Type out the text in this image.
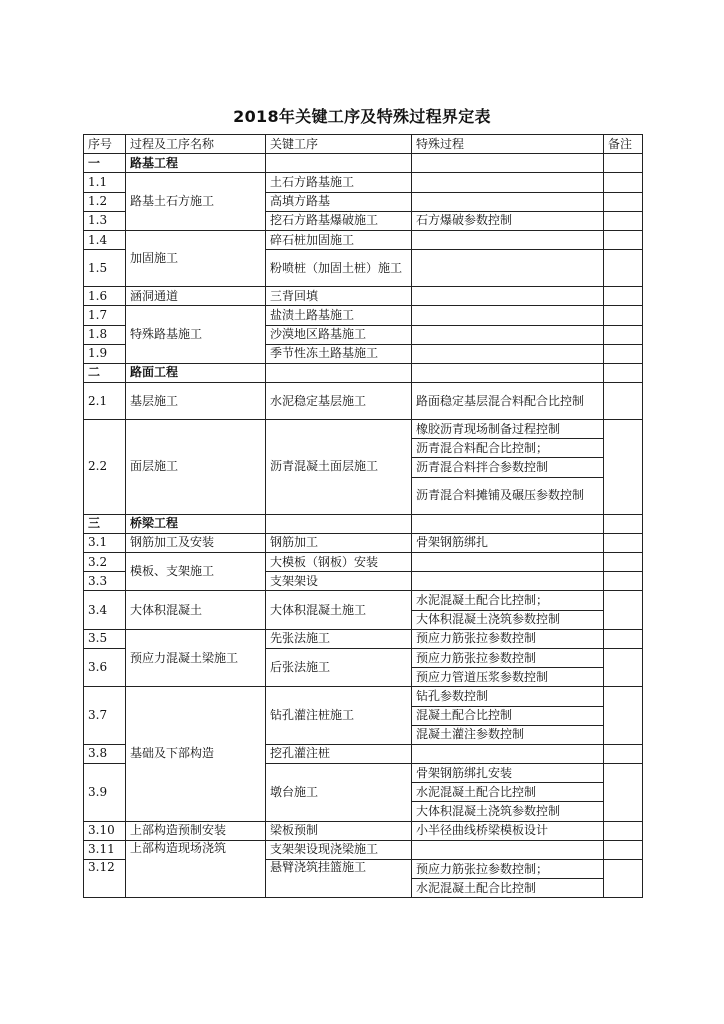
2018年关键工序及特殊过程界定表
序号	过程及工序名称	关键工序	特殊过程	备注
一	路基工程			
1.1	路基土石方施工	土石方路基施工		
1.2		高填方路基		
1.3		挖石方路基爆破施工	石方爆破参数控制	
1.4	加固施工	碎石桩加固施工		
1.5		粉喷桩（加固土桩）施工		
1.6	涵洞通道	三背回填		
1.7	特殊路基施工	盐渍土路基施工		
1.8		沙漠地区路基施工		
1.9		季节性冻土路基施工		
二	路面工程			
2.1	基层施工	水泥稳定基层施工	路面稳定基层混合料配合比控制	
2.2	面层施工	沥青混凝土面层施工	橡胶沥青现场制备过程控制	
			沥青混合料配合比控制；	
			沥青混合料拌合参数控制	
			沥青混合料摊铺及碾压参数控制	
三	桥梁工程			
3.1	钢筋加工及安装	钢筋加工	骨架钢筋绑扎	
3.2	模板、支架施工	大模板（钢板）安装		
3.3		支架架设		
3.4	大体积混凝土	大体积混凝土施工	水泥混凝土配合比控制；	
			大体积混凝土浇筑参数控制	
3.5	预应力混凝土梁施工	先张法施工	预应力筋张拉参数控制	
3.6		后张法施工	预应力筋张拉参数控制	
			预应力管道压浆参数控制	
3.7	基础及下部构造	钻孔灌注桩施工	钻孔参数控制	
			混凝土配合比控制	
			混凝土灌注参数控制	
3.8		挖孔灌注桩		
3.9		墩台施工	骨架钢筋绑扎安装	
			水泥混凝土配合比控制	
			大体积混凝土浇筑参数控制	
3.10	上部构造预制安装	梁板预制	小半径曲线桥梁模板设计	
3.11	上部构造现场浇筑	支架架设现浇梁施工		
3.12		悬臂浇筑挂篮施工	预应力筋张拉参数控制；	
			水泥混凝土配合比控制	
